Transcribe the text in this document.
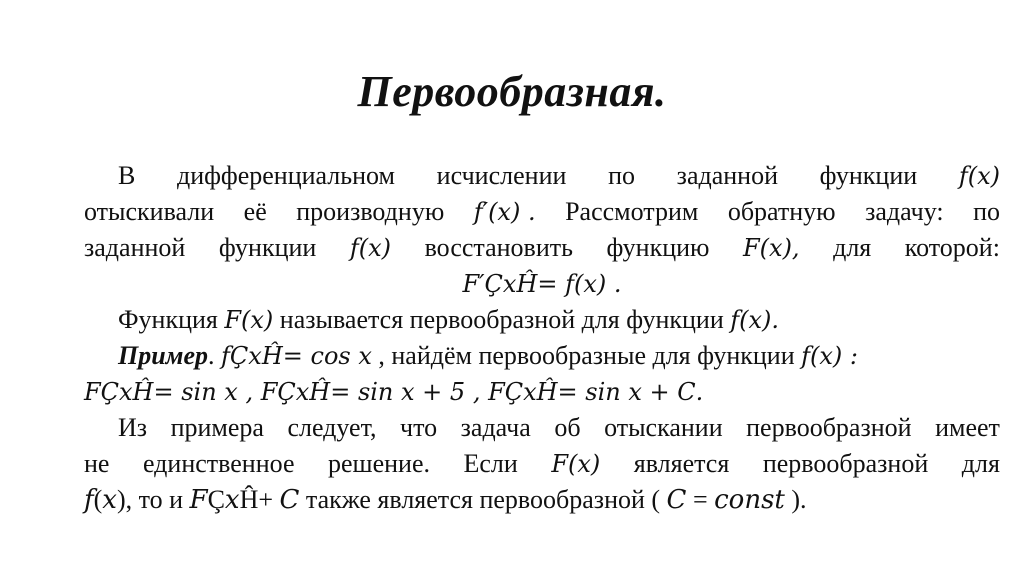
Первообразная.
В дифференциальном исчислении по заданной функции 𝑓(𝑥)
отыскивали её производную 𝑓′(𝑥) . Рассмотрим обратную задачу: по
заданной функции 𝑓(𝑥) восстановить функцию 𝐹(𝑥), для которой:
F′Ç𝑥Ĥ= 𝑓(𝑥) .
Функция 𝐹(𝑥) называется первообразной для функции 𝑓(𝑥).
Пример. 𝑓Ç𝑥Ĥ= cos 𝑥 , найдём первообразные для функции 𝑓(𝑥) :
𝐹Ç𝑥Ĥ= sin 𝑥 , 𝐹Ç𝑥Ĥ= sin 𝑥 + 5 , 𝐹Ç𝑥Ĥ= sin 𝑥 + 𝐶.
Из примера следует, что задача об отыскании первообразной имеет
не единственное решение. Если 𝐹(𝑥) является первообразной для
𝑓(𝑥), то и 𝐹Ç𝑥Ĥ+ 𝐶 также является первообразной ( 𝐶 = 𝑐𝑜𝑛𝑠𝑡 ).
